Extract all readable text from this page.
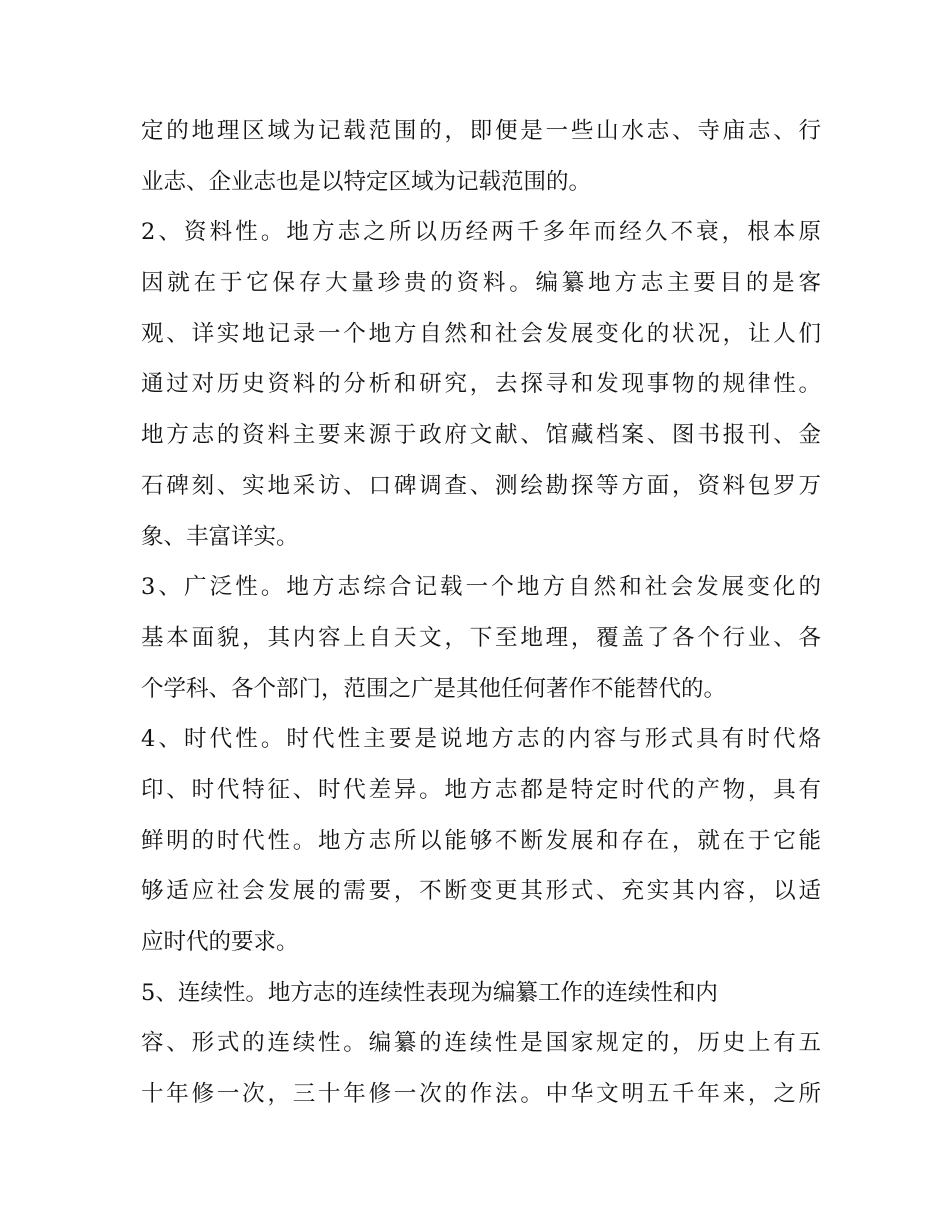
定的地理区域为记载范围的，即便是一些山水志、寺庙志、行
业志、企业志也是以特定区域为记载范围的。
2、资料性。地方志之所以历经两千多年而经久不衰，根本原
因就在于它保存大量珍贵的资料。编纂地方志主要目的是客
观、详实地记录一个地方自然和社会发展变化的状况，让人们
通过对历史资料的分析和研究，去探寻和发现事物的规律性。
地方志的资料主要来源于政府文献、馆藏档案、图书报刊、金
石碑刻、实地采访、口碑调查、测绘勘探等方面，资料包罗万
象、丰富详实。
3、广泛性。地方志综合记载一个地方自然和社会发展变化的
基本面貌，其内容上自天文，下至地理，覆盖了各个行业、各
个学科、各个部门，范围之广是其他任何著作不能替代的。
4、时代性。时代性主要是说地方志的内容与形式具有时代烙
印、时代特征、时代差异。地方志都是特定时代的产物，具有
鲜明的时代性。地方志所以能够不断发展和存在，就在于它能
够适应社会发展的需要，不断变更其形式、充实其内容，以适
应时代的要求。
5、连续性。地方志的连续性表现为编纂工作的连续性和内
容、形式的连续性。编纂的连续性是国家规定的，历史上有五
十年修一次，三十年修一次的作法。中华文明五千年来，之所
